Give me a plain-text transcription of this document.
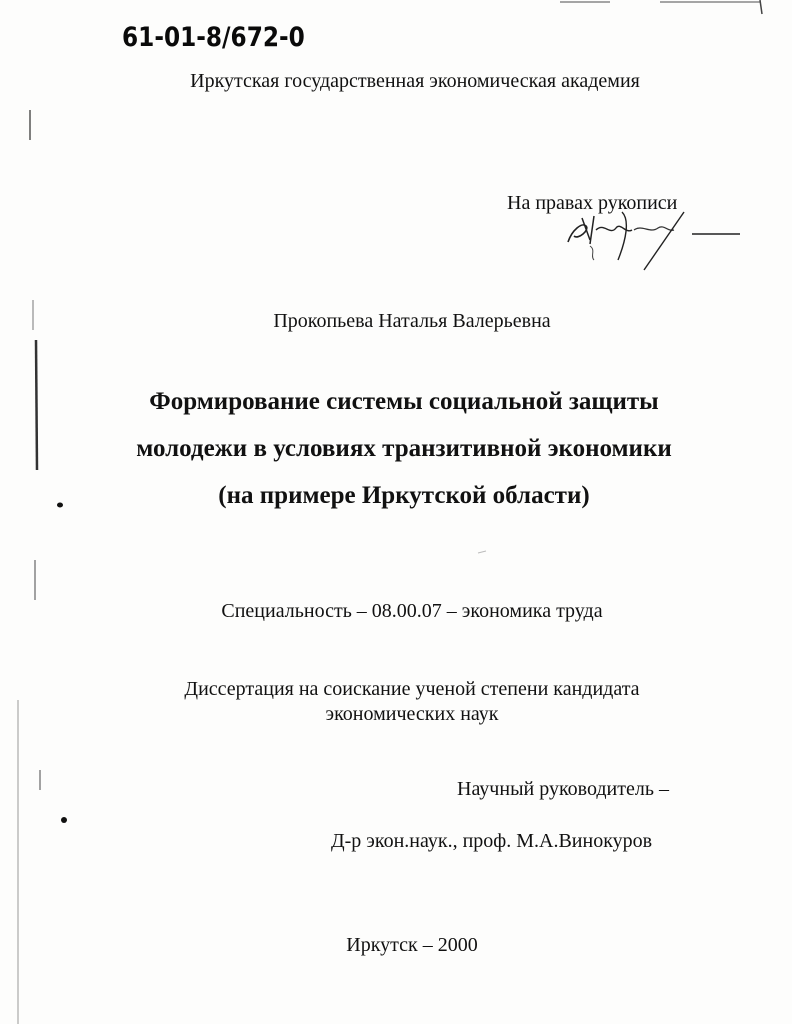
61-01-8/672-0
Иркутская государственная экономическая академия
На правах рукописи
Прокопьева Наталья Валерьевна
Формирование системы социальной защиты
молодежи в условиях транзитивной экономики
(на примере Иркутской области)
Специальность – 08.00.07 – экономика труда
Диссертация на соискание ученой степени кандидата
экономических наук
Научный руководитель –
Д-р экон.наук., проф. М.А.Винокуров
Иркутск – 2000
